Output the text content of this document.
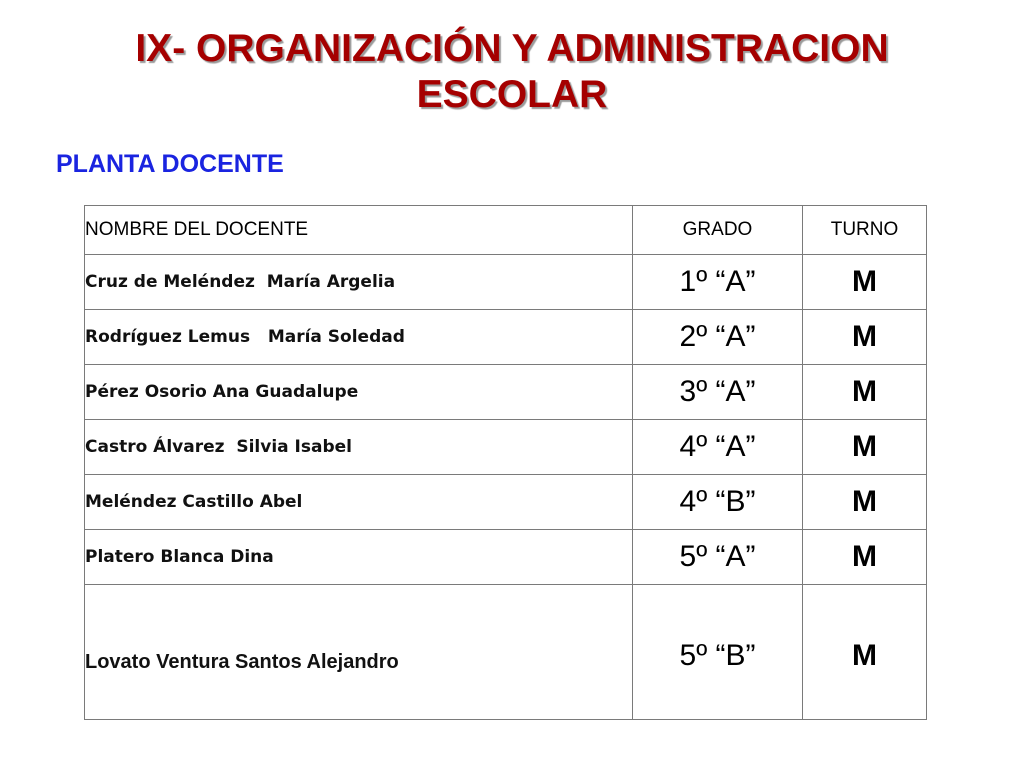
IX- ORGANIZACIÓN Y ADMINISTRACION
ESCOLAR
PLANTA DOCENTE
NOMBRE DEL DOCENTE	GRADO	TURNO
Cruz de Meléndez  María Argelia	1º “A”	M
Rodríguez Lemus   María Soledad	2º “A”	M
Pérez Osorio Ana Guadalupe	3º “A”	M
Castro Álvarez  Silvia Isabel	4º “A”	M
Meléndez Castillo Abel	4º “B”	M
Platero Blanca Dina	5º “A”	M
Lovato Ventura Santos Alejandro	5º “B”	M
